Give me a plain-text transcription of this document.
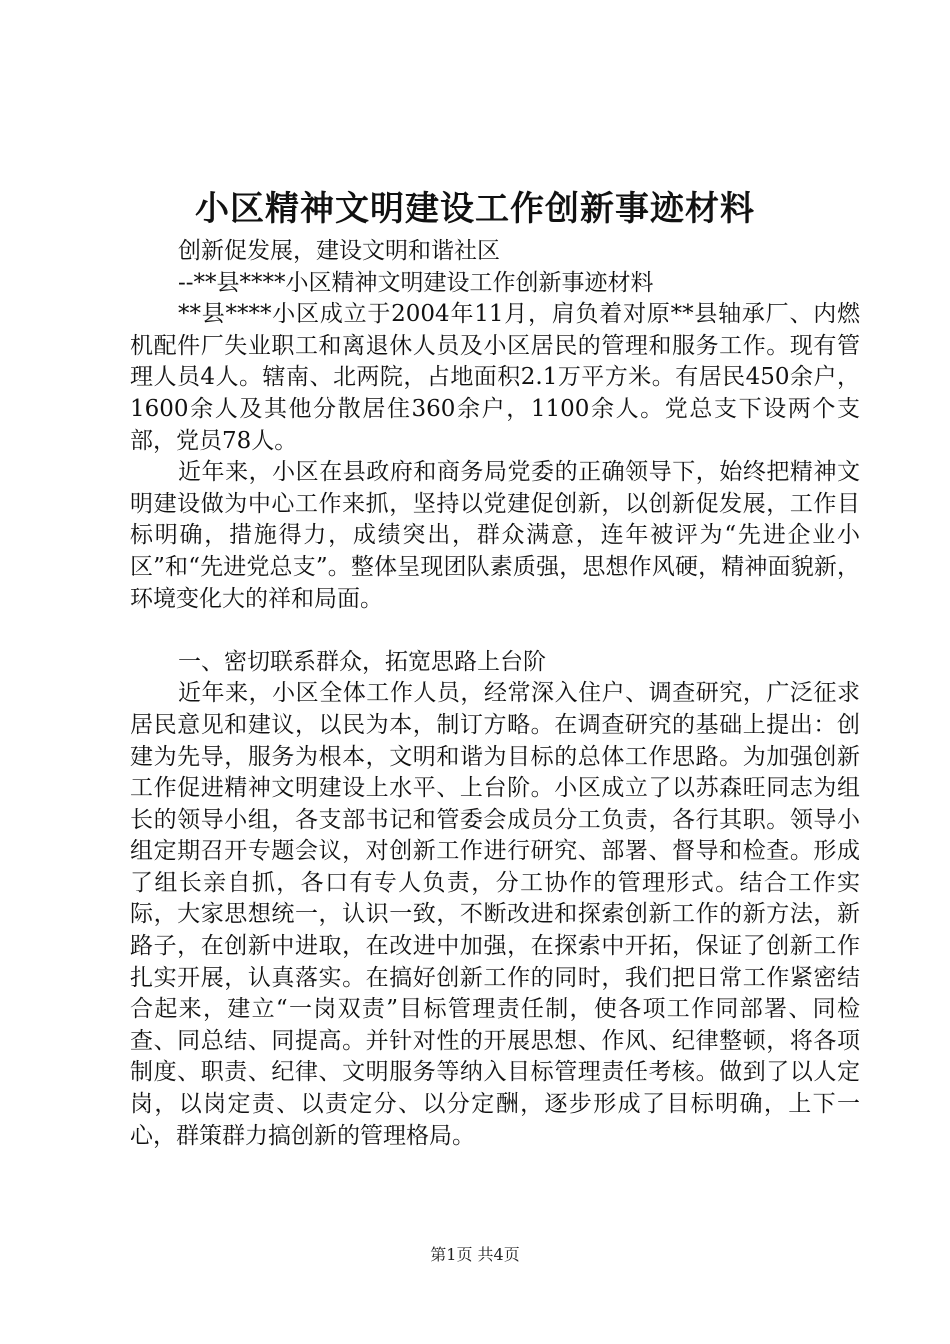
小区精神文明建设工作创新事迹材料
创新促发展，建设文明和谐社区
--**县****小区精神文明建设工作创新事迹材料

**县****小区成立于2004年11月，肩负着对原**县轴承厂、内燃机配件厂失业职工和离退休人员及小区居民的管理和服务工作。现有管理人员4人。辖南、北两院，占地面积2.1万平方米。有居民450余户，1600余人及其他分散居住360余户，1100余人。党总支下设两个支部，党员78人。

近年来，小区在县政府和商务局党委的正确领导下，始终把精神文明建设做为中心工作来抓，坚持以党建促创新，以创新促发展，工作目标明确，措施得力，成绩突出，群众满意，连年被评为“先进企业小区”和“先进党总支”。整体呈现团队素质强，思想作风硬，精神面貌新，环境变化大的祥和局面。

一、密切联系群众，拓宽思路上台阶

近年来，小区全体工作人员，经常深入住户、调查研究，广泛征求居民意见和建议，以民为本，制订方略。在调查研究的基础上提出：创建为先导，服务为根本，文明和谐为目标的总体工作思路。为加强创新工作促进精神文明建设上水平、上台阶。小区成立了以苏森旺同志为组长的领导小组，各支部书记和管委会成员分工负责，各行其职。领导小组定期召开专题会议，对创新工作进行研究、部署、督导和检查。形成了组长亲自抓，各口有专人负责，分工协作的管理形式。结合工作实际，大家思想统一，认识一致，不断改进和探索创新工作的新方法，新路子，在创新中进取，在改进中加强，在探索中开拓，保证了创新工作扎实开展，认真落实。在搞好创新工作的同时，我们把日常工作紧密结合起来，建立“一岗双责”目标管理责任制，使各项工作同部署、同检查、同总结、同提高。并针对性的开展思想、作风、纪律整顿，将各项制度、职责、纪律、文明服务等纳入目标管理责任考核。做到了以人定岗，以岗定责、以责定分、以分定酬，逐步形成了目标明确，上下一心，群策群力搞创新的管理格局。

第1页 共4页
